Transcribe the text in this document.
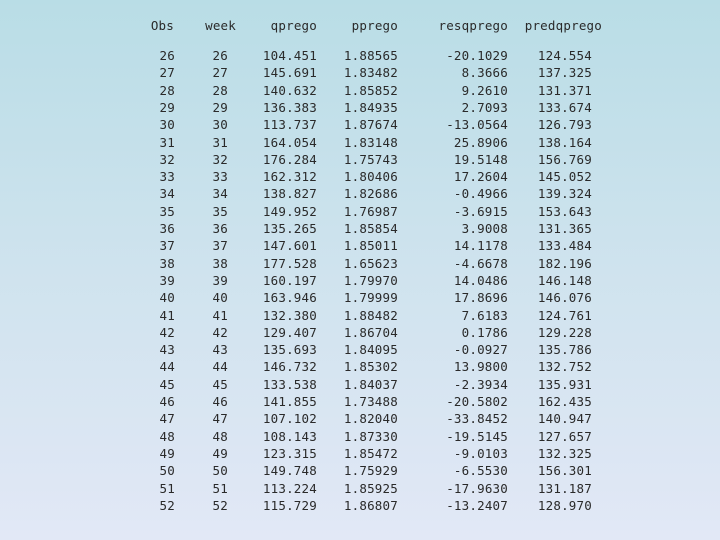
Obs	week	qprego	pprego	resqprego	predqprego
26	26	104.451	1.88565	-20.1029	124.554
27	27	145.691	1.83482	8.3666	137.325
28	28	140.632	1.85852	9.2610	131.371
29	29	136.383	1.84935	2.7093	133.674
30	30	113.737	1.87674	-13.0564	126.793
31	31	164.054	1.83148	25.8906	138.164
32	32	176.284	1.75743	19.5148	156.769
33	33	162.312	1.80406	17.2604	145.052
34	34	138.827	1.82686	-0.4966	139.324
35	35	149.952	1.76987	-3.6915	153.643
36	36	135.265	1.85854	3.9008	131.365
37	37	147.601	1.85011	14.1178	133.484
38	38	177.528	1.65623	-4.6678	182.196
39	39	160.197	1.79970	14.0486	146.148
40	40	163.946	1.79999	17.8696	146.076
41	41	132.380	1.88482	7.6183	124.761
42	42	129.407	1.86704	0.1786	129.228
43	43	135.693	1.84095	-0.0927	135.786
44	44	146.732	1.85302	13.9800	132.752
45	45	133.538	1.84037	-2.3934	135.931
46	46	141.855	1.73488	-20.5802	162.435
47	47	107.102	1.82040	-33.8452	140.947
48	48	108.143	1.87330	-19.5145	127.657
49	49	123.315	1.85472	-9.0103	132.325
50	50	149.748	1.75929	-6.5530	156.301
51	51	113.224	1.85925	-17.9630	131.187
52	52	115.729	1.86807	-13.2407	128.970
